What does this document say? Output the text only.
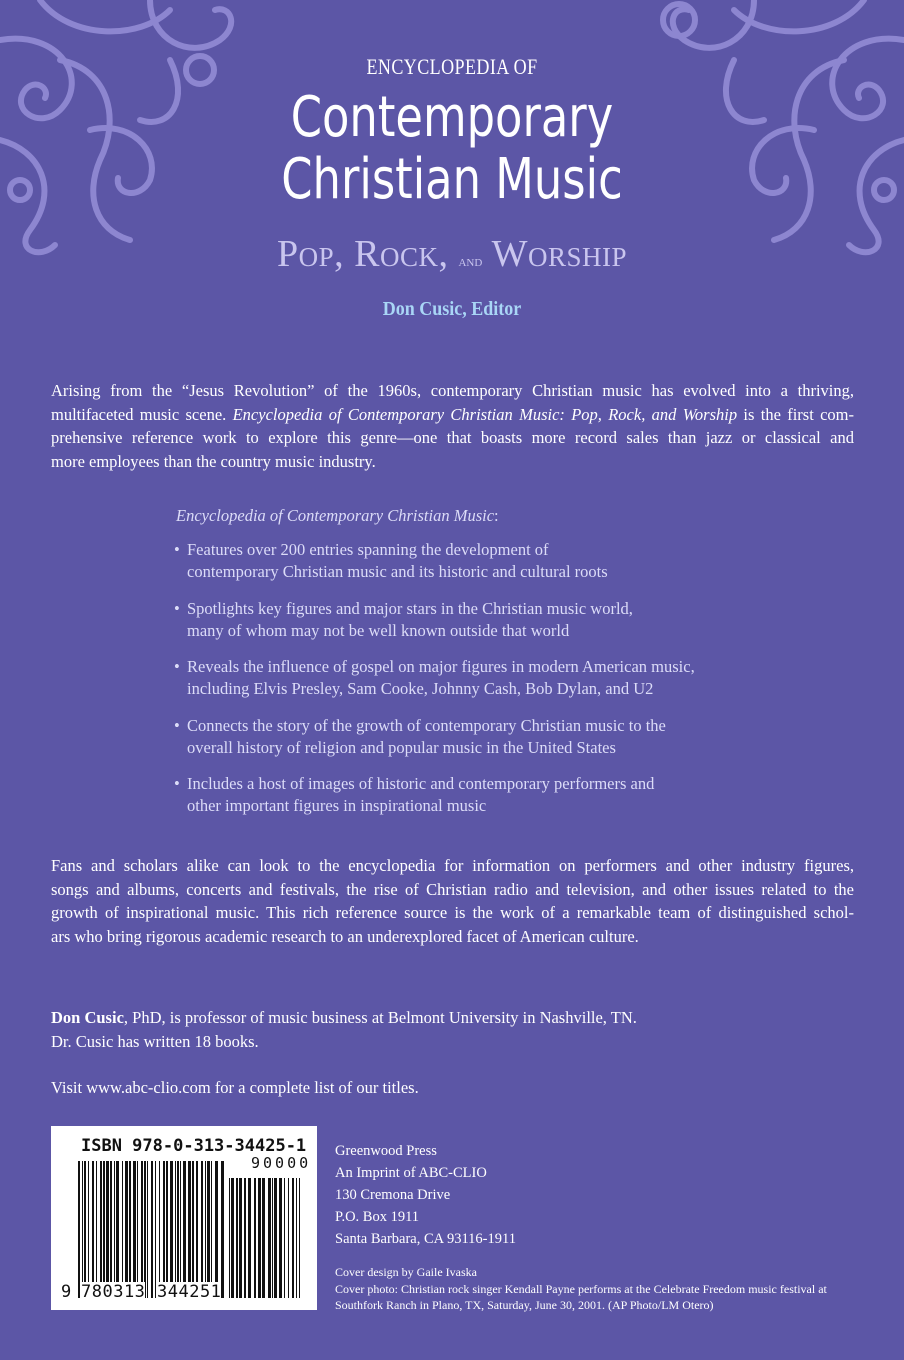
ENCYCLOPEDIA OF
Contemporary
Christian Music
Pop, Rock, and Worship
Don Cusic, Editor
Arising from the “Jesus Revolution” of the 1960s, contemporary Christian music has evolved into a thriving,
multifaceted music scene. Encyclopedia of Contemporary Christian Music: Pop, Rock, and Worship is the first com-
prehensive reference work to explore this genre—one that boasts more record sales than jazz or classical and
more employees than the country music industry.
Encyclopedia of Contemporary Christian Music:
• Features over 200 entries spanning the development of
contemporary Christian music and its historic and cultural roots
• Spotlights key figures and major stars in the Christian music world,
many of whom may not be well known outside that world
• Reveals the influence of gospel on major figures in modern American music,
including Elvis Presley, Sam Cooke, Johnny Cash, Bob Dylan, and U2
• Connects the story of the growth of contemporary Christian music to the
overall history of religion and popular music in the United States
• Includes a host of images of historic and contemporary performers and
other important figures in inspirational music
Fans and scholars alike can look to the encyclopedia for information on performers and other industry figures,
songs and albums, concerts and festivals, the rise of Christian radio and television, and other issues related to the
growth of inspirational music. This rich reference source is the work of a remarkable team of distinguished schol-
ars who bring rigorous academic research to an underexplored facet of American culture.
Don Cusic, PhD, is professor of music business at Belmont University in Nashville, TN.
Dr. Cusic has written 18 books.
Visit www.abc-clio.com for a complete list of our titles.
ISBN 978-0-313-34425-1
90000
9 780313 344251
Greenwood Press
An Imprint of ABC-CLIO
130 Cremona Drive
P.O. Box 1911
Santa Barbara, CA 93116-1911
Cover design by Gaile Ivaska
Cover photo: Christian rock singer Kendall Payne performs at the Celebrate Freedom music festival at
Southfork Ranch in Plano, TX, Saturday, June 30, 2001. (AP Photo/LM Otero)
